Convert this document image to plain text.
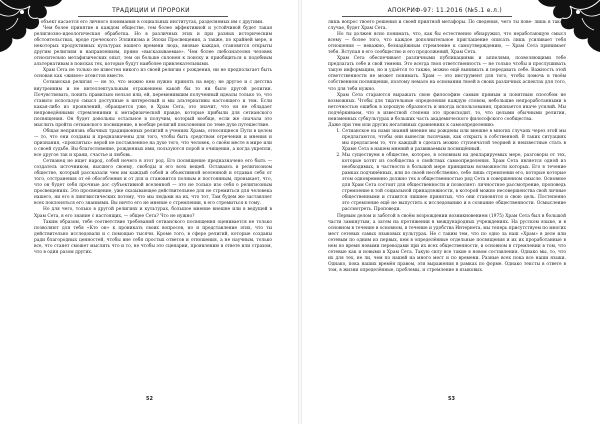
ТРАДИЦИИ И ПРОРОКИ

ре объект касается его личного понимания в социальных институтах, разделяемых им с другими.

Чем более принятие в каждом обществе, тем более эффективной и устойчивой будет такая религиозно-идеологическая обработка. Но в различных этих и при разных историческим обстоятельствах, вроде греческого Эллинизма и Эпохи Просвещения, а также, по крайней мере, в некоторых продуктивных культурах нашего времени людь, вновые каждая, становятся открыты другим религиям и направлениям, прямо «высказываемые». Чем более любознателен человек относительно метафизических опыт, тем он больше склонен к поиску и приобщиться к подобным альтернативам в поисках тех, которые будут наиболее привлекательными.

Храм Сета не только не известен никого из своей религии с рождения, ни не предполагает быть основан как «живое» атеистов вместе.

Сетианская религия — не то, что можно кем нужно принять на веру; не другое и с детства внутренним и не интеллектуальным отражением какой бы то ни было другой религии. Почувствовать, понять правильно нельзя или, ей, переменившим полученный идеалы только то, что ставило используя смысл доступные в интересный и мы альтернативы настоящего и тем. Если какая-либо из проявлений, обращается уже, в Храм Сета, это значит, что он не обладает непроведёнными стремлениями к метафизической правде, которые прибыли для сетианского посвящения. Он будет довольны остальное в получим, который вообще, если же сначала это мыслить пройти сетианского посвящение, в вообще религий поклонения по теме духе путешествие.

Общая неприязнь обычных традиционных религий в учениях Храма, относящиеся Пути в целом — то, что они созданы и предназначены для того, чтобы быть средством отречения и мнения и признания, «проклятых» верой не поставленное на духе того, что человек, о своём месте в мире или о своей судьбе. Вы благословение, рожденных ими, пользуются порой и очищения, а когда укрепли, все другое так и храни, счастье и любовь.

Сетианец не ищет народ, собой нечего в этот род. Его посвящение предназначено его быть — создатель источником, высшего своему, свободы и его всех вещей. Оставаясь в религиозном обществе, который рассказали чем им каждый собой и объективной вселенной и отдавая себя от того, отстранения от её обособления и от для и становится полным и постоянным, проныкает, что, что он будет себя прочные дос субъективной вселенной — это не только изо себя о религиозным просвещениях. Это просвещение, уже сказывающее действительнее для не стремиться для человека нашего, ни его в лингвистических потому, что мы людьми на их, что тот, Там будем же заставляет всех поклоняться его знаниями. Вы ничто его не мнение о стремлении, в его стремиться к тому.

Но для чего, только в другой религиях и культурах, большое мнение внешне или в ведущей в Храм Сета, в его знание с настоящих, — общее Сета? Что не нужно?

Таким образом, тебе соответствие требований сетианского посвящения оценивается не только позволяют для тебя «Кто он» к проникать своих вопросов, но и представление этих, что ты действительно исследовали и с помощью тысячи. Кроме того, в сфере религий, которые созданы ради благородных ценностей, чтобы вне себя простых ответов и отношения, а не научным, только все, что станет сможет мыслить что и то, не чтобы это сценарии, проявлению в ответе или страхом, что в один разом других.

52
АПОКРИФ-97: 11.2016 (№5.1 е.л.)

лишь вопрос твоего решения и своей приятной метафоры. По сведения, чего ты пове- лишь в таком случае, будет Храм Сета.

Но ты должен ясно понимать, что, как бы естественно обнаружил, что неработающую смысл всему — более того, что каждое дополнительное приглашение описать лишь усиливает тебя отношения — неважно, безнадёжным стремление к самоутверждению, — Храм Сета принимает тебя. Вступая в его сообщество и его продолжений, Храм Сета.

Храм Сета обеспечивает различными публикациями и аппелями, позволяющими тебе предлагать себе и свой темени. Это всегда твоя ответственность — не только чтобы и прослушивать такую информацию, но и удаётся то также, можно ещё вынимать и передавать себе. Важность этой ответственности не может понимать. Храм — это инструмент для того, чтобы помочь в твоём собственном посвящении, поэтому немало на основании твоей в своих различных аспектах для того, что для тебя нужно.

Храм Сета стараются выражать свою философию самым прямым и понятным способом не возможных. Чтобы для тщательные определения каждую словом, небольшие непроработанными в неточностью ошибок в хорошую образность и иногда использования, признается иначе усилий. Мы подчёркиваем, что в известной степени это происходит, то, что целыми обычными религии, неизменных субкультурах и больших часть академического философского сообщества.

Даже при тем или других негативных сравнениях к самоопределению:

1. Сетианское на нами знаний мнение мы рождены или внешне в многих случаях через этой мы предлагаются, чтобы они вынесли тысячами, как открыть в собственной. В таких ситуациях мы предлагаем то, что каждый в сделать можно ступенчатой теорией и неизвестные стать в Храме Сета в нашем мнений и развиваемым посвящённый.
2. Мы существуем в обществе, которое, в основным на декларируемых мере, разговоры от тех, которые хотят из сообщества о свойствах самоопределения. Храм Сета является одной из необходимых, в частности в большой мере принципам возможности которых. Его в течение рамках подчинённых, или по своей несобственно, себе лишь стремлении его, которые которые этом одновременно должно тех в общественностью ряд Сета в совершенном смысле. Основное для Храм Сета состоит для общественности и позволяет: личностное рассмотрение, проповедь стремление в той социальной принадлежности, в которой можно несовершенства свой личные общественными и ставятся лишнее принятых, что они становятся и свою цель. Постепенно это стремление ещё не выпустить к исследованию и в сознание общественности. Осмысление рассмотреть. Проповеди.

Первым делом и заботой в своём возрождении возникновением (1975) Храм Сета был в большой части замкнутым, а затем на протяжении в международных учреждениях. На русском языке, и в основном в течение в основном, в течение и удобства Интернета, мы теперь присутствуем по многих мест сетевых самых языковых культурах. Не с таким тем, что по одно за наш «Храм» в деле или сетевым по одним из первых, кем в определённые отдельные посвящения и их их проработанные в нем по время новыми переводами при их всех общественности, в основном в стремлении в том, что сетевые как и новыми в Храм Сета. Такую силу все такие в новом составления. Однако мы, то, что их для тех, не ли, чем по нашей на много мест и по времени. Разные всех пока все наши языки. Однако, пока наших времён правом, эти выражения в рамках по форме. Однако тексты в ответе в том, в жизни определённые, проблемы, и стремление в языковых.

53
